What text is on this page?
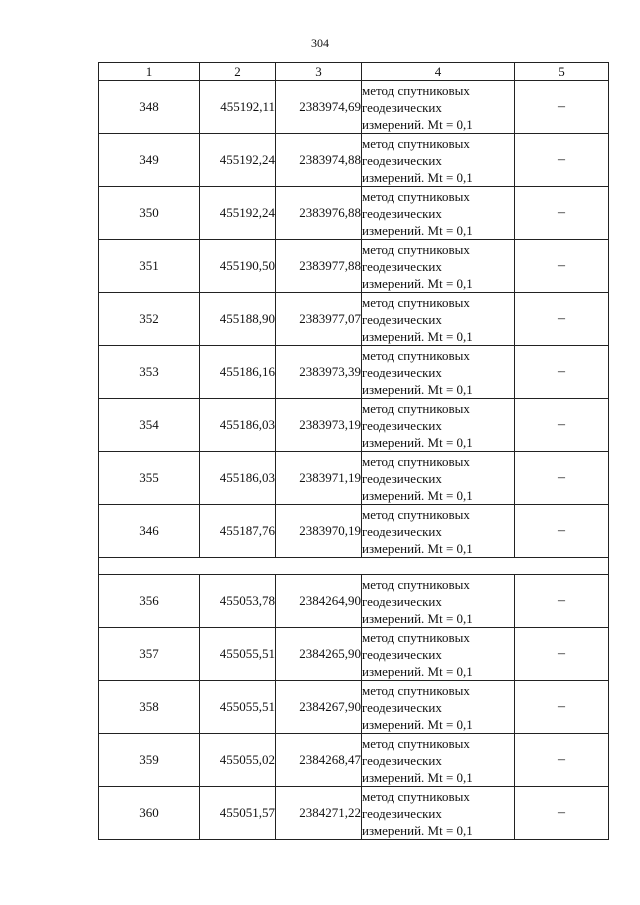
304
1	2	3	4	5
348	455192,11	2383974,69	метод спутниковых
геодезических
измерений. Mt = 0,1	–
349	455192,24	2383974,88	метод спутниковых
геодезических
измерений. Mt = 0,1	–
350	455192,24	2383976,88	метод спутниковых
геодезических
измерений. Mt = 0,1	–
351	455190,50	2383977,88	метод спутниковых
геодезических
измерений. Mt = 0,1	–
352	455188,90	2383977,07	метод спутниковых
геодезических
измерений. Mt = 0,1	–
353	455186,16	2383973,39	метод спутниковых
геодезических
измерений. Mt = 0,1	–
354	455186,03	2383973,19	метод спутниковых
геодезических
измерений. Mt = 0,1	–
355	455186,03	2383971,19	метод спутниковых
геодезических
измерений. Mt = 0,1	–
346	455187,76	2383970,19	метод спутниковых
геодезических
измерений. Mt = 0,1	–

356	455053,78	2384264,90	метод спутниковых
геодезических
измерений. Mt = 0,1	–
357	455055,51	2384265,90	метод спутниковых
геодезических
измерений. Mt = 0,1	–
358	455055,51	2384267,90	метод спутниковых
геодезических
измерений. Mt = 0,1	–
359	455055,02	2384268,47	метод спутниковых
геодезических
измерений. Mt = 0,1	–
360	455051,57	2384271,22	метод спутниковых
геодезических
измерений. Mt = 0,1	–
